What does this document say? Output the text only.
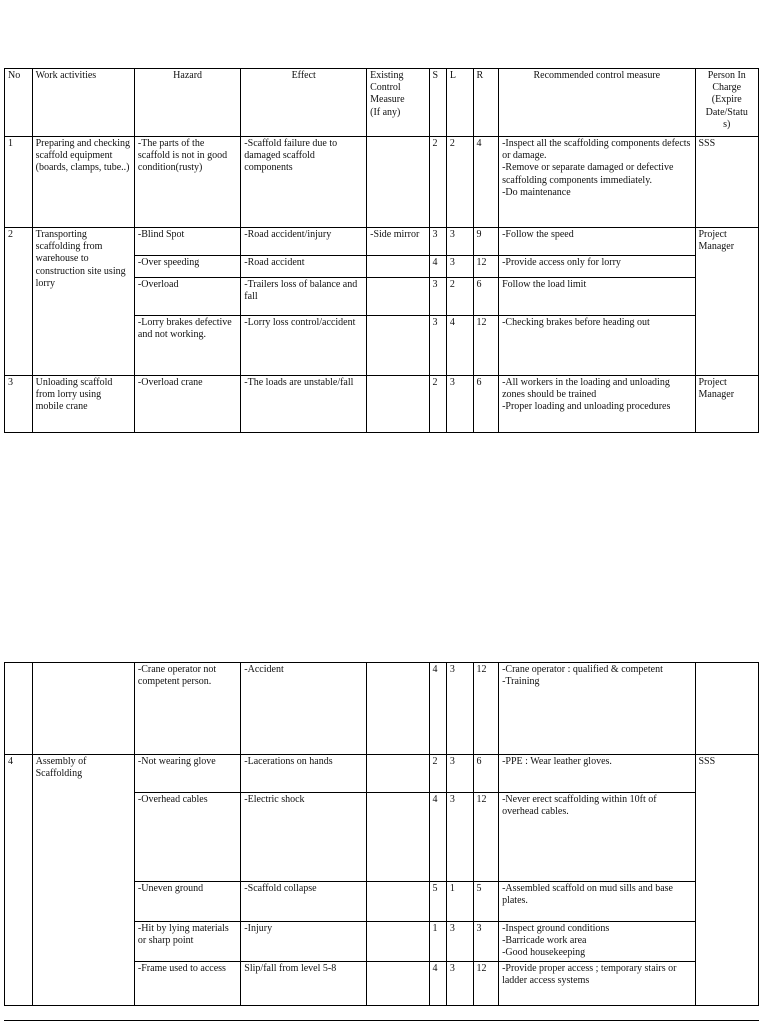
No	Work activities	Hazard	Effect	Existing
Control
Measure
(If any)	S	L	R	Recommended control measure	Person In
Charge
(Expire
Date/Statu
s)
1	Preparing and checking scaffold equipment (boards, clamps, tube..)	-The parts of the scaffold is not in good condition(rusty)	-Scaffold failure due to damaged scaffold components		2	2	4	-Inspect all the scaffolding components defects or damage.
-Remove or separate damaged or defective scaffolding components immediately.
-Do maintenance	SSS
2	Transporting scaffolding from warehouse to construction site using lorry	-Blind Spot	-Road accident/injury	-Side mirror	3	3	9	-Follow the speed	Project Manager
		-Over speeding	-Road accident		4	3	12	-Provide access only for lorry	
		-Overload	-Trailers loss of balance and fall		3	2	6	Follow the load limit	
		-Lorry brakes defective and not working.	-Lorry loss control/accident		3	4	12	-Checking brakes before heading out	
3	Unloading scaffold from lorry using mobile crane	-Overload crane	-The loads are unstable/fall		2	3	6	-All workers in the loading and unloading zones should be trained
-Proper loading and unloading procedures	Project Manager
		-Crane operator not competent person.	-Accident		4	3	12	-Crane operator : qualified & competent
-Training	
4	Assembly of Scaffolding	-Not wearing glove	-Lacerations on hands		2	3	6	-PPE : Wear leather gloves.	SSS
		-Overhead cables	-Electric shock		4	3	12	-Never erect scaffolding within 10ft of overhead cables.	
		-Uneven ground	-Scaffold collapse		5	1	5	-Assembled scaffold on mud sills and base plates.	
		-Hit by lying materials or sharp point	-Injury		1	3	3	-Inspect ground conditions
-Barricade work area
-Good housekeeping	
		-Frame used to access	Slip/fall from level 5-8		4	3	12	-Provide proper access ; temporary stairs or ladder access systems	
